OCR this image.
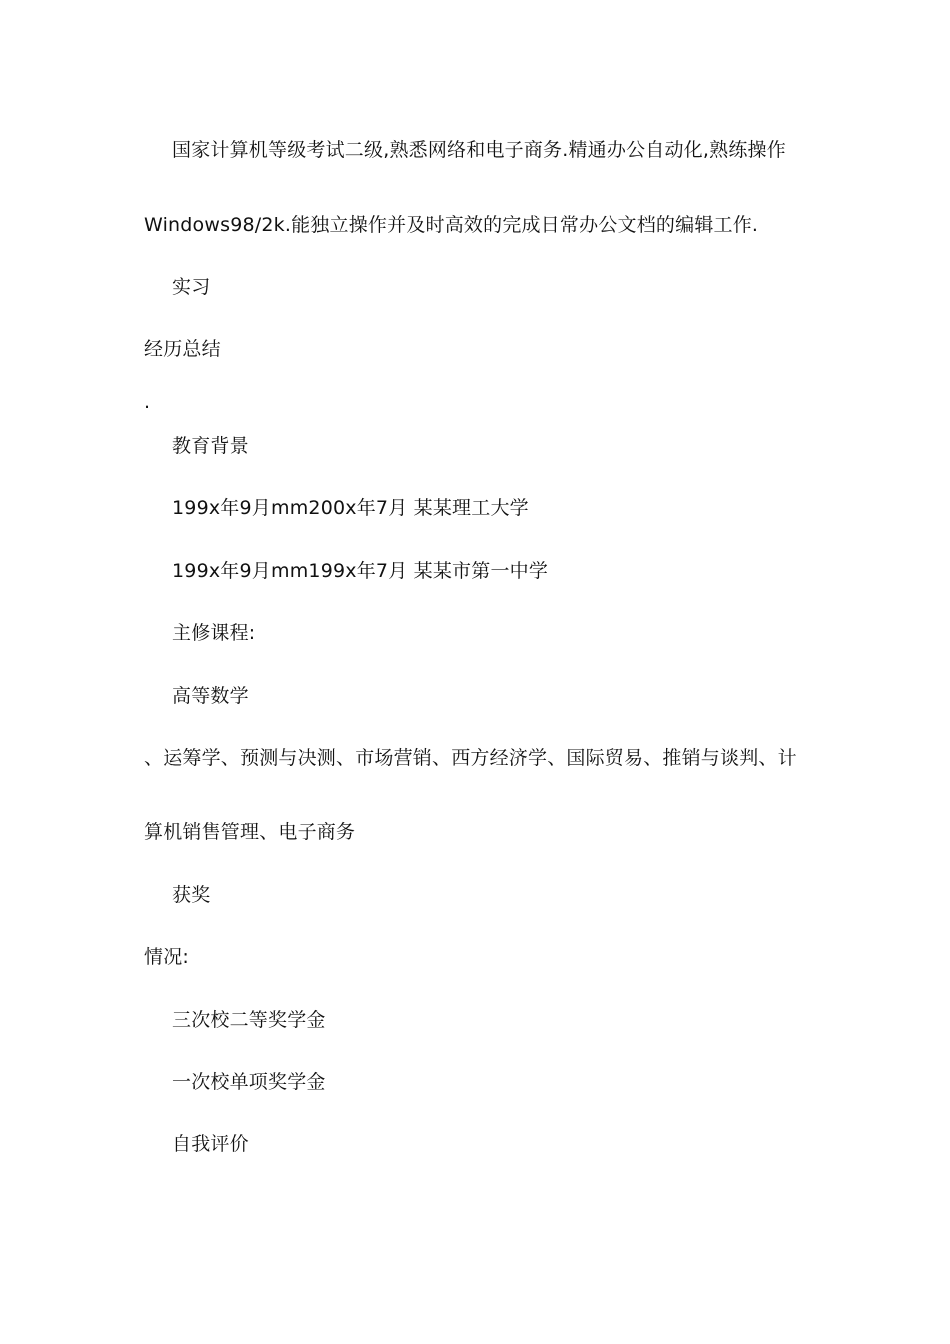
国家计算机等级考试二级,熟悉网络和电子商务.精通办公自动化,熟练操作
Windows98/2k.能独立操作并及时高效的完成日常办公文档的编辑工作.
实习
经历总结
.
教育背景
199x年9月mm200x年7月 某某理工大学
199x年9月mm199x年7月 某某市第一中学
主修课程:
高等数学
、运筹学、预测与决测、市场营销、西方经济学、国际贸易、推销与谈判、计
算机销售管理、电子商务
获奖
情况:
三次校二等奖学金
一次校单项奖学金
自我评价
